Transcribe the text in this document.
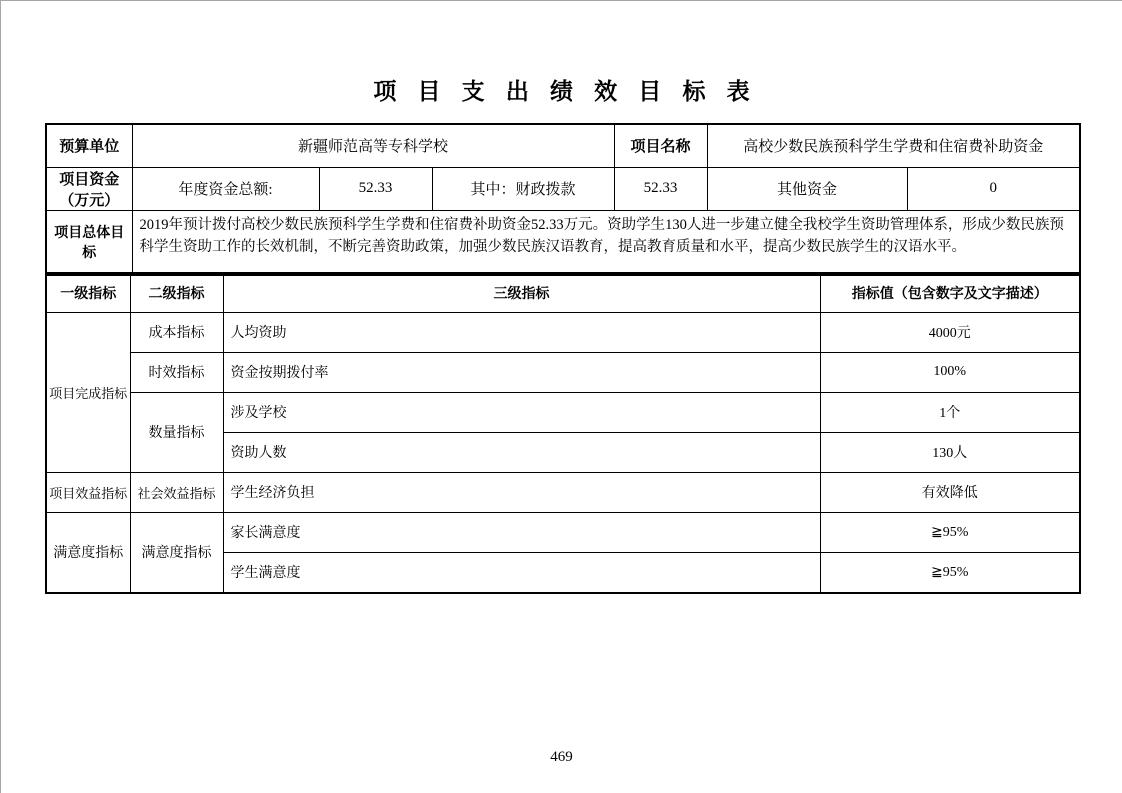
项目支出绩效目标表
预算单位	新疆师范高等专科学校			项目名称	高校少数民族预科学生学费和住宿费补助资金	
项目资金（万元）	年度资金总额:	52.33	其中：财政拨款	52.33	其他资金	0
项目总体目标	2019年预计拨付高校少数民族预科学生学费和住宿费补助资金52.33万元。资助学生130人进一步建立健全我校学生资助管理体系，形成少数民族预科学生资助工作的长效机制，不断完善资助政策，加强少数民族汉语教育，提高教育质量和水平，提高少数民族学生的汉语水平。					
一级指标	二级指标	三级指标	指标值（包含数字及文字描述）
项目完成指标	成本指标	人均资助	4000元
	时效指标	资金按期拨付率	100%
	数量指标	涉及学校	1个
		资助人数	130人
项目效益指标	社会效益指标	学生经济负担	有效降低
满意度指标	满意度指标	家长满意度	≧95%
		学生满意度	≧95%
469
